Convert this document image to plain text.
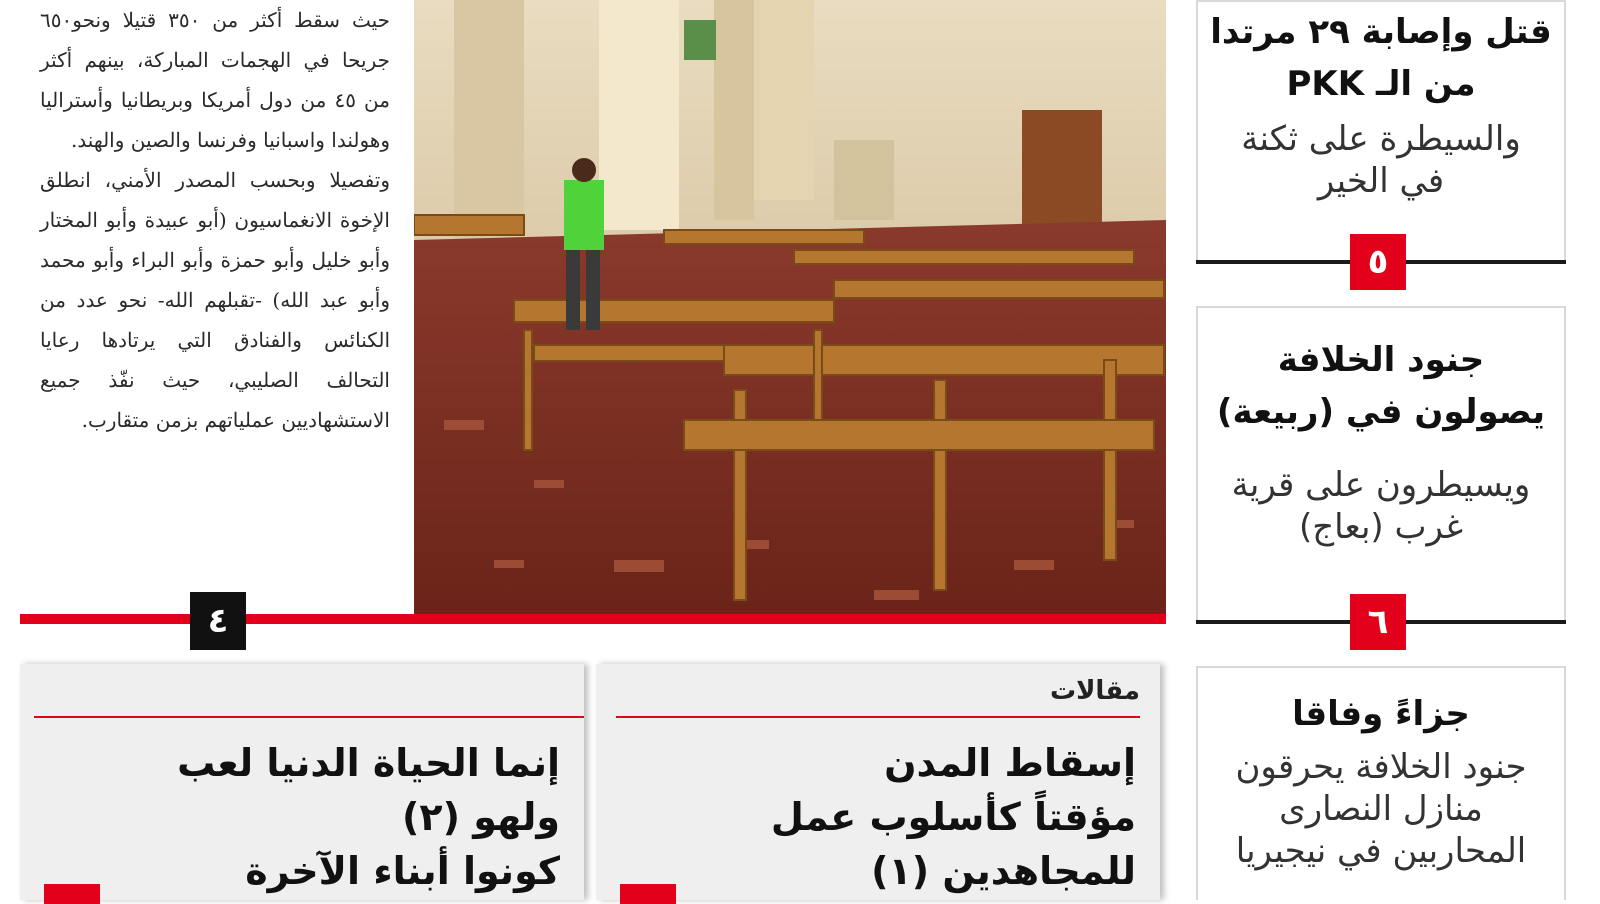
حيث سقط أكثر من ٣٥٠ قتيلا ونحو٦٥٠ جريحا في الهجمات المباركة، بينهم أكثر من ٤٥ من دول أمريكا وبريطانيا وأستراليا وهولندا واسبانيا وفرنسا والصين والهند.

وتفصيلا وبحسب المصدر الأمني، انطلق الإخوة الانغماسيون (أبو عبيدة وأبو المختار وأبو خليل وأبو حمزة وأبو البراء وأبو محمد وأبو عبد الله) -تقبلهم الله- نحو عدد من الكنائس والفنادق التي يرتادها رعايا التحالف الصليبي، حيث نفّذ جميع الاستشهاديين عملياتهم بزمن متقارب.

٤
قتل وإصابة ٢٩ مرتدا
من الـ PKK
والسيطرة على ثكنة
في الخير
٥
جنود الخلافة
يصولون في (ربيعة)
ويسيطرون على قرية
غرب (بعاج)
٦
جزاءً وفاقا
جنود الخلافة يحرقون
منازل النصارى
المحاربين في نيجيريا
مقالات
إسقاط المدن
مؤقتاً كأسلوب عمل
للمجاهدين (١)
إنما الحياة الدنيا لعب
ولهو (٢)
كونوا أبناء الآخرة
